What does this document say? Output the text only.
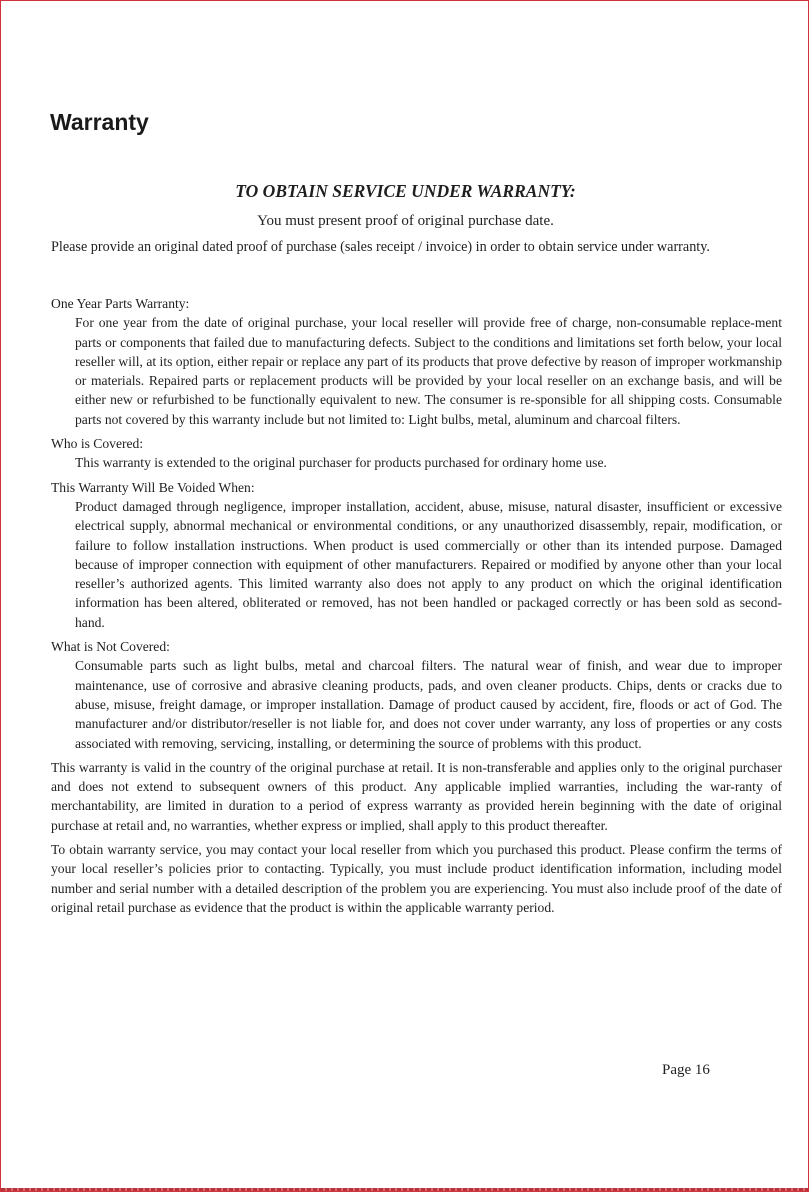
Warranty
TO OBTAIN SERVICE UNDER WARRANTY:
You must present proof of original purchase date.
Please provide an original dated proof of purchase (sales receipt / invoice) in order to obtain service under warranty.

One Year Parts Warranty:

For one year from the date of original purchase, your local reseller will provide free of charge, non-consumable replace-ment parts or components that failed due to manufacturing defects. Subject to the conditions and limitations set forth below, your local reseller will, at its option, either repair or replace any part of its products that prove defective by reason of improper workmanship or materials. Repaired parts or replacement products will be provided by your local reseller on an exchange basis, and will be either new or refurbished to be functionally equivalent to new. The consumer is re-sponsible for all shipping costs. Consumable parts not covered by this warranty include but not limited to: Light bulbs, metal, aluminum and charcoal filters.

Who is Covered:

This warranty is extended to the original purchaser for products purchased for ordinary home use.

This Warranty Will Be Voided When:

Product damaged through negligence, improper installation, accident, abuse, misuse, natural disaster, insufficient or excessive electrical supply, abnormal mechanical or environmental conditions, or any unauthorized disassembly, repair, modification, or failure to follow installation instructions. When product is used commercially or other than its intended purpose. Damaged because of improper connection with equipment of other manufacturers. Repaired or modified by anyone other than your local reseller’s authorized agents. This limited warranty also does not apply to any product on which the original identification information has been altered, obliterated or removed, has not been handled or packaged correctly or has been sold as second-hand.

What is Not Covered:

Consumable parts such as light bulbs, metal and charcoal filters. The natural wear of finish, and wear due to improper maintenance, use of corrosive and abrasive cleaning products, pads, and oven cleaner products. Chips, dents or cracks due to abuse, misuse, freight damage, or improper installation. Damage of product caused by accident, fire, floods or act of God. The manufacturer and/or distributor/reseller is not liable for, and does not cover under warranty, any loss of properties or any costs associated with removing, servicing, installing, or determining the source of problems with this product.

This warranty is valid in the country of the original purchase at retail. It is non-transferable and applies only to the original purchaser and does not extend to subsequent owners of this product. Any applicable implied warranties, including the war-ranty of merchantability, are limited in duration to a period of express warranty as provided herein beginning with the date of original purchase at retail and, no warranties, whether express or implied, shall apply to this product thereafter.

To obtain warranty service, you may contact your local reseller from which you purchased this product. Please confirm the terms of your local reseller’s policies prior to contacting. Typically, you must include product identification information, including model number and serial number with a detailed description of the problem you are experiencing. You must also include proof of the date of original retail purchase as evidence that the product is within the applicable warranty period.

Page 16
